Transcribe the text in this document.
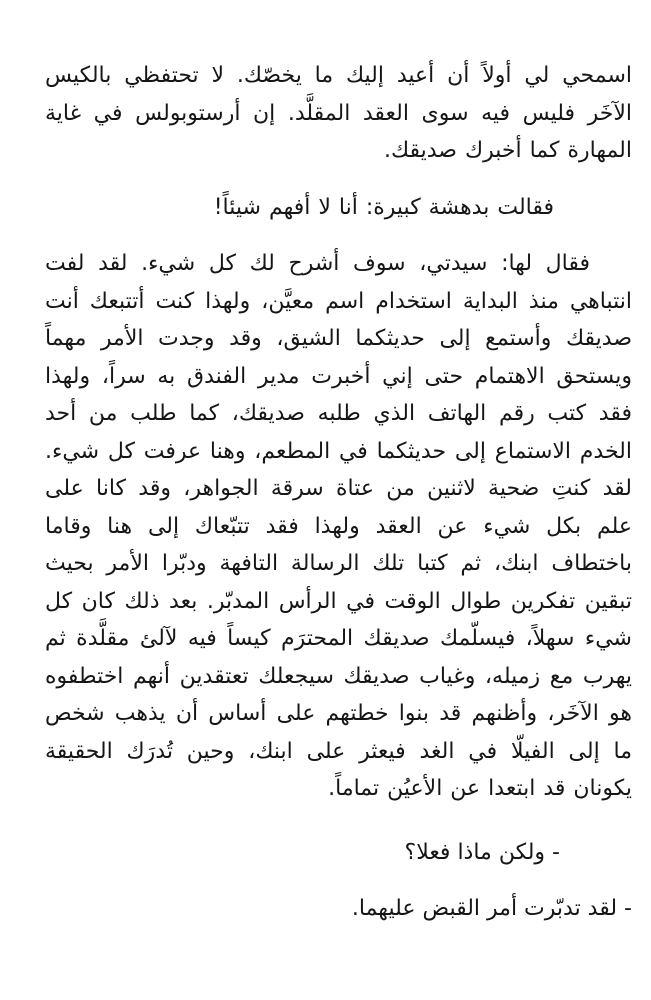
اسمحي لي أولاً أن أعيد إليك ما يخصّك. لا تحتفظي بالكيس الآخَر فليس فيه سوى العقد المقلَّد. إن أرستوبولس في غاية المهارة كما أخبرك صديقك.

فقالت بدهشة كبيرة: أنا لا أفهم شيئاً!

فقال لها: سيدتي، سوف أشرح لك كل شيء. لقد لفت انتباهي منذ البداية استخدام اسم معيَّن، ولهذا كنت أتتبعك أنت صديقك وأستمع إلى حديثكما الشيق، وقد وجدت الأمر مهماً ويستحق الاهتمام حتى إني أخبرت مدير الفندق به سراً، ولهذا فقد كتب رقم الهاتف الذي طلبه صديقك، كما طلب من أحد الخدم الاستماع إلى حديثكما في المطعم، وهنا عرفت كل شيء. لقد كنتِ ضحية لاثنين من عتاة سرقة الجواهر، وقد كانا على علم بكل شيء عن العقد ولهذا فقد تتبّعاك إلى هنا وقاما باختطاف ابنك، ثم كتبا تلك الرسالة التافهة ودبّرا الأمر بحيث تبقين تفكرين طوال الوقت في الرأس المدبّر. بعد ذلك كان كل شيء سهلاً، فيسلّمك صديقك المحترَم كيساً فيه لآلئ مقلَّدة ثم يهرب مع زميله، وغياب صديقك سيجعلك تعتقدين أنهم اختطفوه هو الآخَر، وأظنهم قد بنوا خطتهم على أساس أن يذهب شخص ما إلى الفيلّا في الغد فيعثر على ابنك، وحين تُدرَك الحقيقة يكونان قد ابتعدا عن الأعيُن تماماً.

- ولكن ماذا فعلا؟

- لقد تدبّرت أمر القبض عليهما.
